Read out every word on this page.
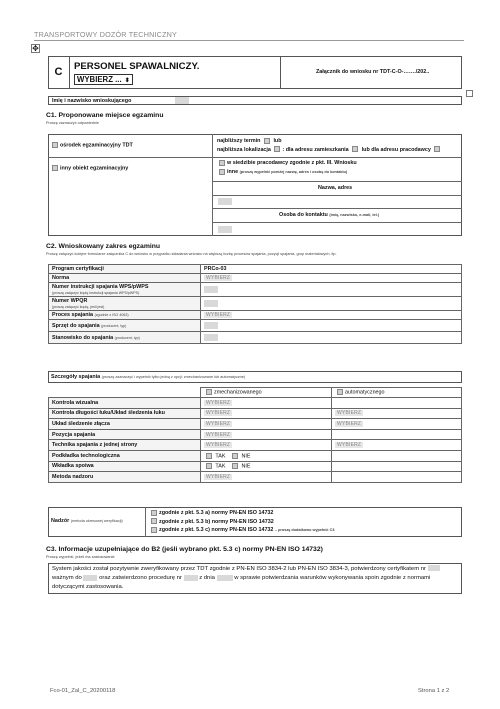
TRANSPORTOWY DOZÓR TECHNICZNY
✥
C	PERSONEL SPAWALNICZY.
WYBIERZ ... ⬍
Załącznik do wniosku nr TDT-C-O-……./202..
Imię i nazwisko wnioskującego
C1. Proponowane miejsce egzaminu
Proszę zaznaczyć odpowiednie
ośrodek egzaminacyjny TDT
najbliższy termin lub
najbliższa lokalizacja : dla adresu zamieszkania lub dla adresu pracodawcy
inny obiekt egzaminacyjny
w siedzibie pracodawcy zgodnie z pkt. III. Wniosku
inne (proszę wypełnić poniżej nazwę, adres i osobę do kontaktu)
Nazwa, adres
Osoba do kontaktu (imię, nazwisko, e-mail, tel.)
C2. Wnioskowany zakres egzaminu
Proszę załączyć kolejne formularze załącznika C do wniosku w przypadku składania wniosku na większą liczbę procesów spajania, pozycji spajania, grup materiałowych, itp.
Program certyfikacji	PRCo-03
Norma	WYBIERZ
Numer instrukcji spajania WPS/pWPS
(proszę załączyć kopię instrukcji spajania WPS/pWPS)	
Numer WPQR
(proszę załączyć kopię, jeśli jest)	
Proces spajania (zgodnie z ISO 4063)	WYBIERZ
Sprzęt do spajania (producent, typ)	
Stanowisko do spajania (producent, typ)	
Szczegóły spajania (proszę zaznaczyć i wypełnić tylko jedną z opcji: zmechanizowane lub automatyczne)
	zmechanizowanego	automatycznego
Kontrola wizualna	WYBIERZ	
Kontrola długości łuku/Układ śledzenia łuku	WYBIERZ	WYBIERZ
Układ śledzenie złącza	WYBIERZ	WYBIERZ
Pozycja spajania	WYBIERZ	
Technika spajania z jednej strony	WYBIERZ	WYBIERZ
Podkładka technologiczna	TAK NIE	
Wkładka spoiwa	TAK NIE	
Metoda nadzoru	WYBIERZ	
Nadzór (metoda okresowej weryfikacji)
zgodnie z pkt. 5.3 a) normy PN-EN ISO 14732
zgodnie z pkt. 5.3 b) normy PN-EN ISO 14732
zgodnie z pkt. 5.3 c) normy PN-EN ISO 14732 – proszę dodatkowo wypełnić C3
C3. Informacje uzupełniające do B2 (jeśli wybrano pkt. 5.3 c) normy PN-EN ISO 14732)
Proszę wypełnić, jeżeli ma zastosowanie
System jakości został pozytywnie zweryfikowany przez TDT zgodnie z PN-EN ISO 3834-2 lub PN-EN ISO 3834-3, potwierdzony certyfikatem nr
ważnym do	oraz zatwierdzono procedurę nr	z dnia	w sprawie potwierdzania warunków wykonywania spoin zgodnie z normami
dotyczącymi zastosowania.
Fco-01_Zal_C_20200118	Strona 1 z 2
